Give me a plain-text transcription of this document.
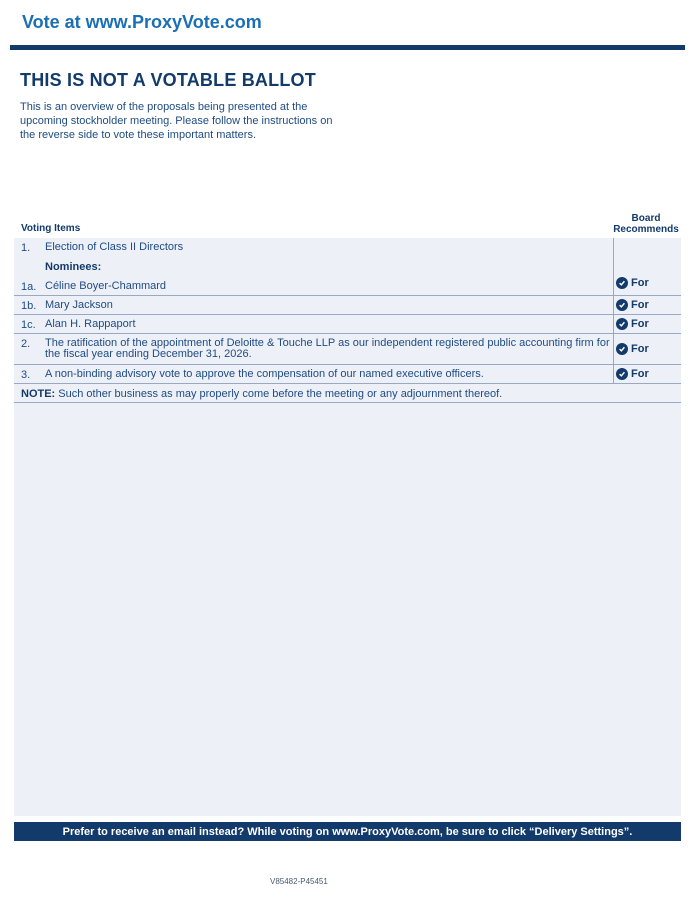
Vote at www.ProxyVote.com
THIS IS NOT A VOTABLE BALLOT

This is an overview of the proposals being presented at the upcoming stockholder meeting. Please follow the instructions on the reverse side to vote these important matters.

Voting Items
Board
Recommends
1. Election of Class II Directors
Nominees:
1a. Céline Boyer-Chammard	For
1b. Mary Jackson	For
1c. Alan H. Rappaport	For
2. The ratification of the appointment of Deloitte & Touche LLP as our independent registered public accounting firm for the fiscal year ending December 31, 2026.	For
3. A non-binding advisory vote to approve the compensation of our named executive officers.	For
NOTE: Such other business as may properly come before the meeting or any adjournment thereof.
Prefer to receive an email instead? While voting on www.ProxyVote.com, be sure to click “Delivery Settings”.
V85482-P45451
